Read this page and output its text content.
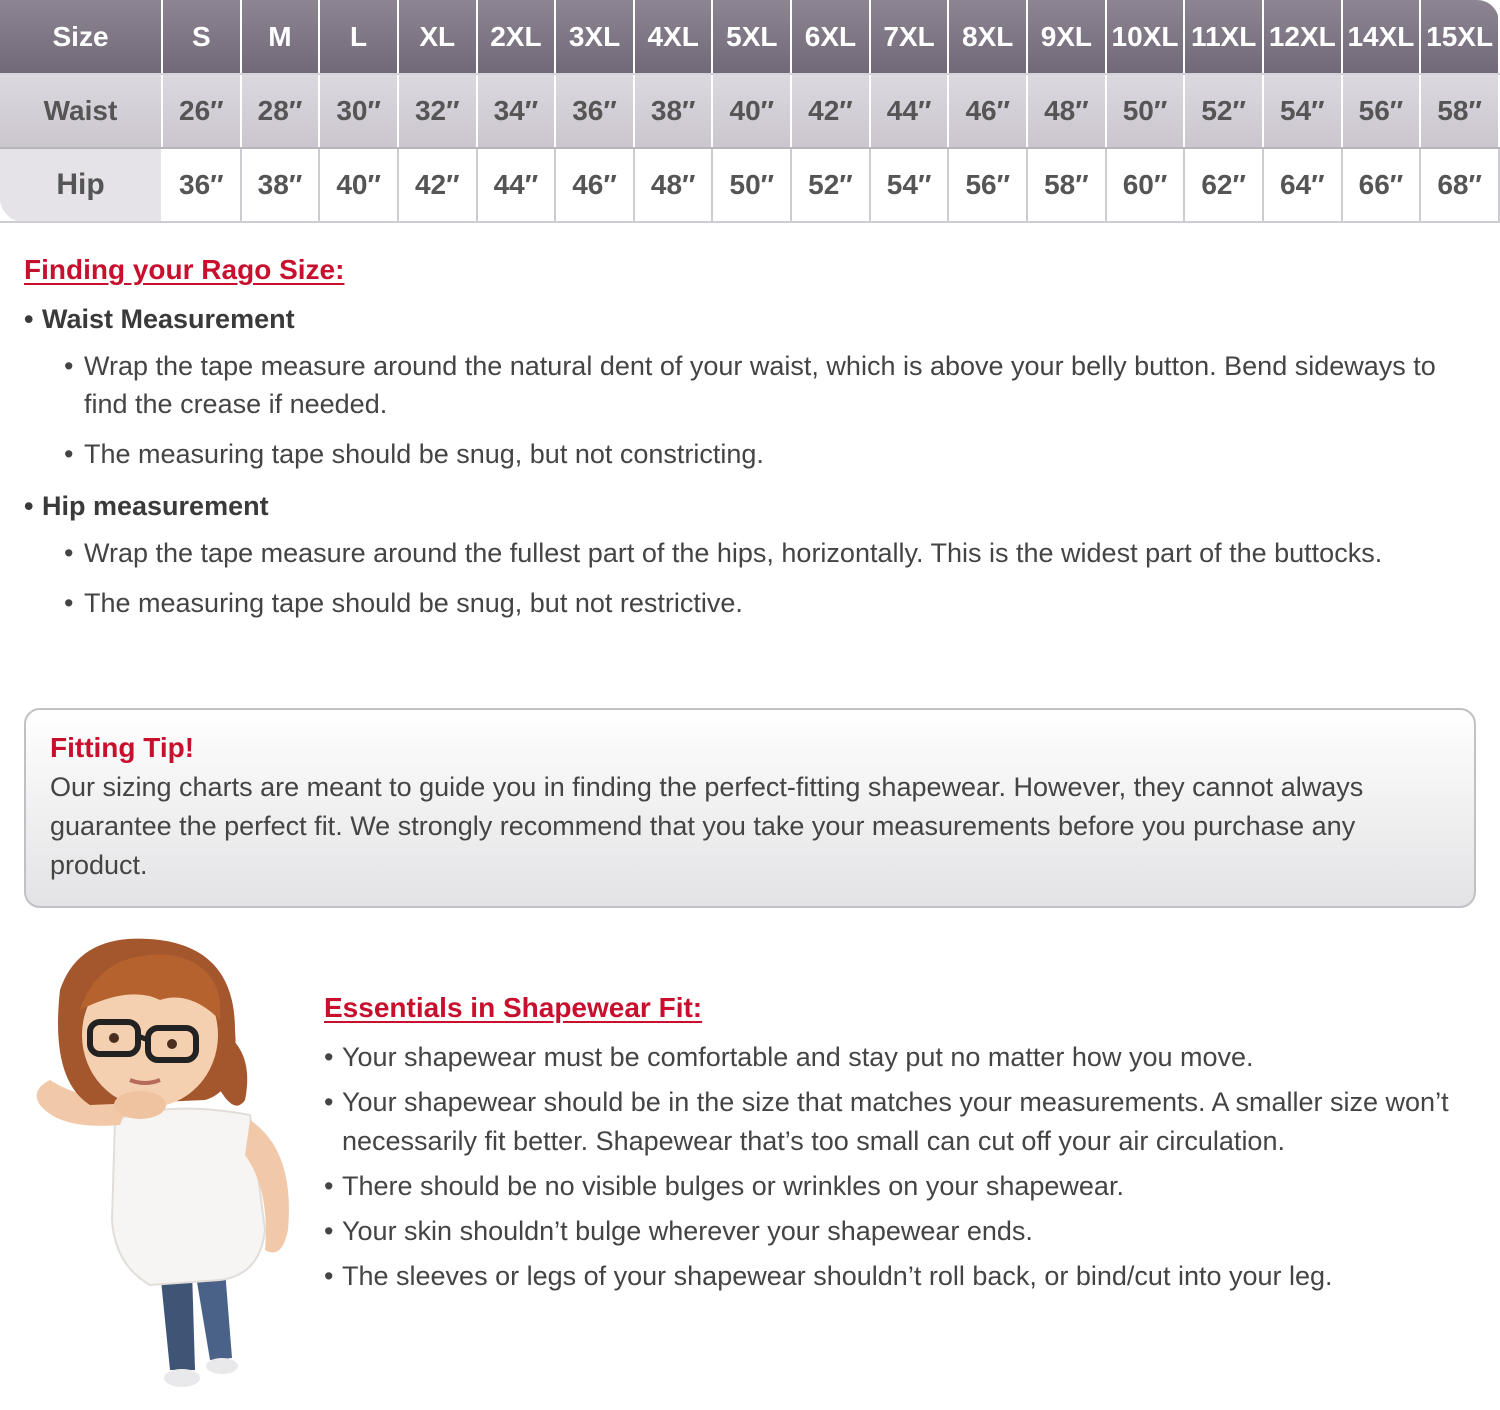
Size	S	M	L	XL	2XL	3XL	4XL	5XL	6XL	7XL	8XL	9XL	10XL	11XL	12XL	14XL	15XL
Waist	26″	28″	30″	32″	34″	36″	38″	40″	42″	44″	46″	48″	50″	52″	54″	56″	58″
Hip	36″	38″	40″	42″	44″	46″	48″	50″	52″	54″	56″	58″	60″	62″	64″	66″	68″
Finding your Rago Size:

• Waist Measurement

• Wrap the tape measure around the natural dent of your waist, which is above your belly button. Bend sideways to find the crease if needed.

• The measuring tape should be snug, but not constricting.

• Hip measurement

• Wrap the tape measure around the fullest part of the hips, horizontally. This is the widest part of the buttocks.

• The measuring tape should be snug, but not restrictive.

Fitting Tip!

Our sizing charts are meant to guide you in finding the perfect-fitting shapewear. However, they cannot always guarantee the perfect fit. We strongly recommend that you take your measurements before you purchase any product.

Essentials in Shapewear Fit:

• Your shapewear must be comfortable and stay put no matter how you move.

• Your shapewear should be in the size that matches your measurements. A smaller size won’t necessarily fit better. Shapewear that’s too small can cut off your air circulation.

• There should be no visible bulges or wrinkles on your shapewear.

• Your skin shouldn’t bulge wherever your shapewear ends.

• The sleeves or legs of your shapewear shouldn’t roll back, or bind/cut into your leg.
